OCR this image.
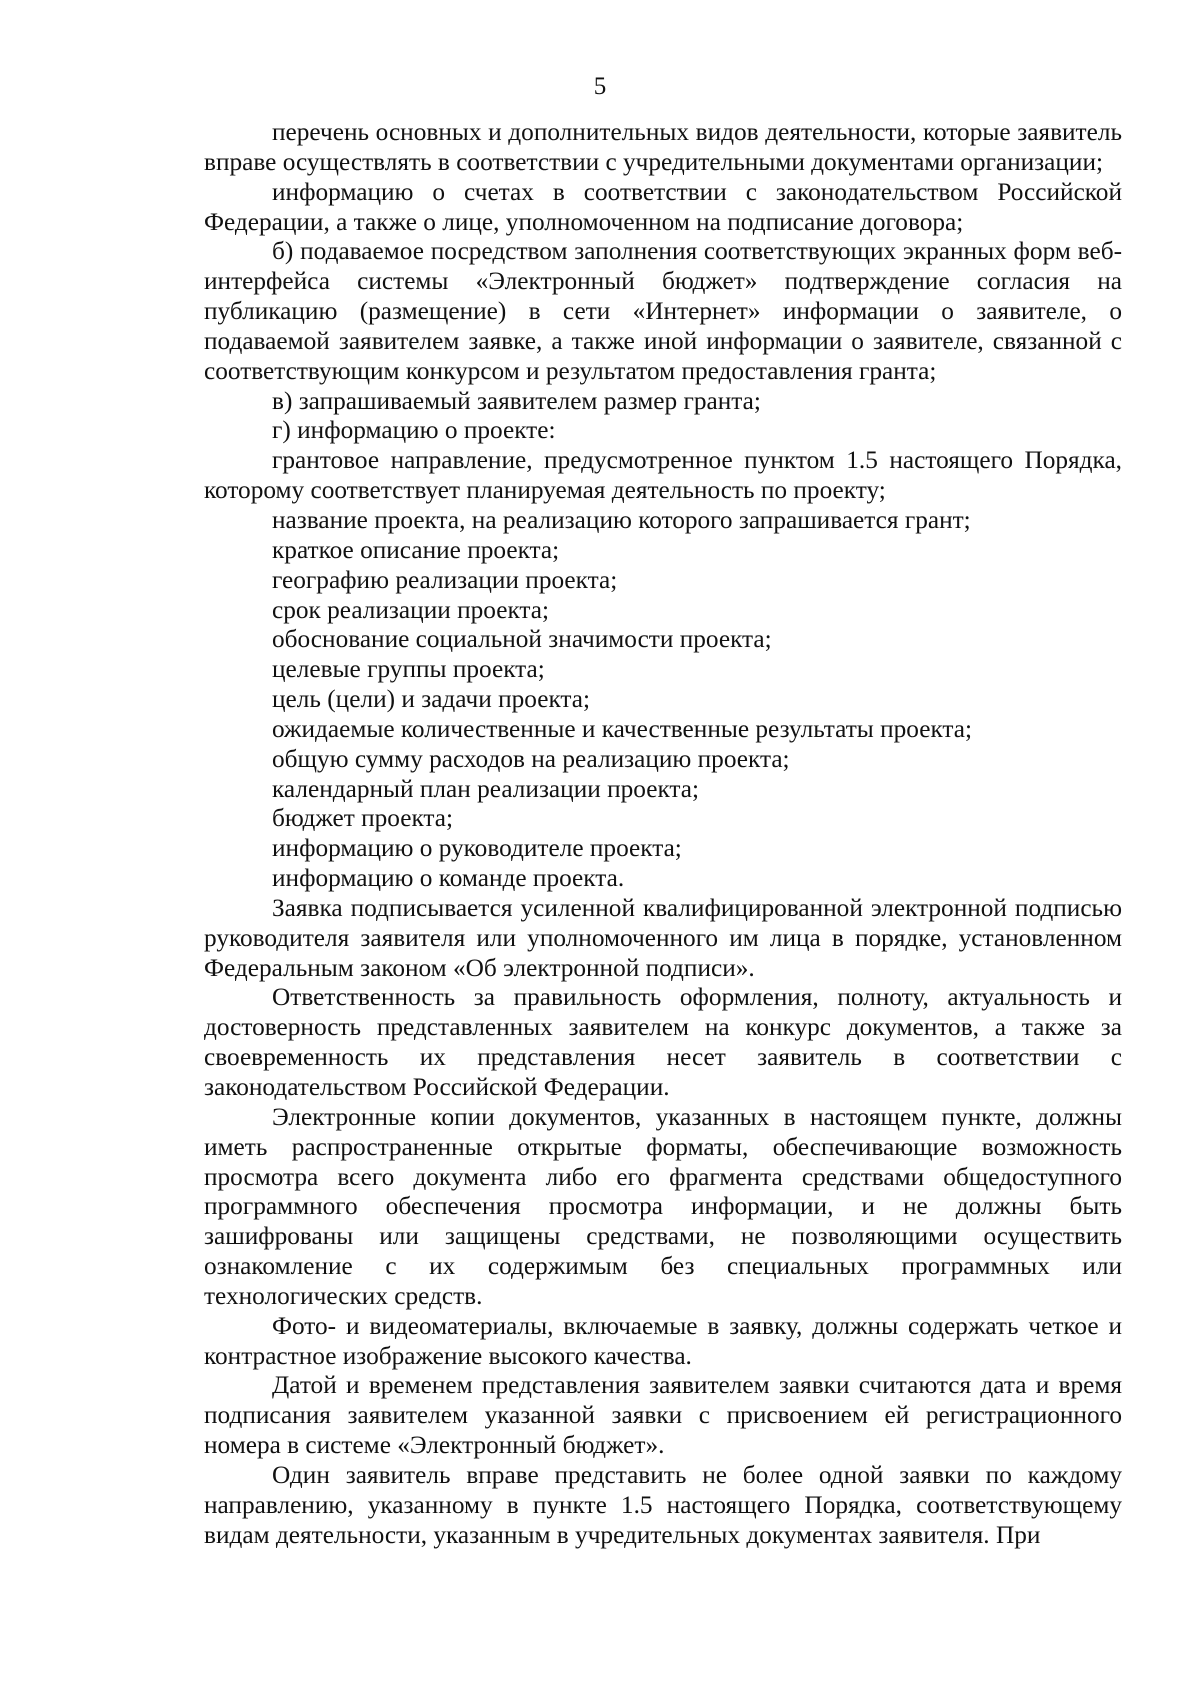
5

перечень основных и дополнительных видов деятельности, которые заявитель вправе осуществлять в соответствии с учредительными документами организации;

информацию о счетах в соответствии с законодательством Российской Федерации, а также о лице, уполномоченном на подписание договора;

б) подаваемое посредством заполнения соответствующих экранных форм веб-интерфейса системы «Электронный бюджет» подтверждение согласия на публикацию (размещение) в сети «Интернет» информации о заявителе, о подаваемой заявителем заявке, а также иной информации о заявителе, связанной с соответствующим конкурсом и результатом предоставления гранта;

в) запрашиваемый заявителем размер гранта;

г) информацию о проекте:

грантовое направление, предусмотренное пунктом 1.5 настоящего Порядка, которому соответствует планируемая деятельность по проекту;

название проекта, на реализацию которого запрашивается грант;

краткое описание проекта;

географию реализации проекта;

срок реализации проекта;

обоснование социальной значимости проекта;

целевые группы проекта;

цель (цели) и задачи проекта;

ожидаемые количественные и качественные результаты проекта;

общую сумму расходов на реализацию проекта;

календарный план реализации проекта;

бюджет проекта;

информацию о руководителе проекта;

информацию о команде проекта.

Заявка подписывается усиленной квалифицированной электронной подписью руководителя заявителя или уполномоченного им лица в порядке, установленном Федеральным законом «Об электронной подписи».

Ответственность за правильность оформления, полноту, актуальность и достоверность представленных заявителем на конкурс документов, а также за своевременность их представления несет заявитель в соответствии с законодательством Российской Федерации.

Электронные копии документов, указанных в настоящем пункте, должны иметь распространенные открытые форматы, обеспечивающие возможность просмотра всего документа либо его фрагмента средствами общедоступного программного обеспечения просмотра информации, и не должны быть зашифрованы или защищены средствами, не позволяющими осуществить ознакомление с их содержимым без специальных программных или технологических средств.

Фото- и видеоматериалы, включаемые в заявку, должны содержать четкое и контрастное изображение высокого качества.

Датой и временем представления заявителем заявки считаются дата и время подписания заявителем указанной заявки с присвоением ей регистрационного номера в системе «Электронный бюджет».

Один заявитель вправе представить не более одной заявки по каждому направлению, указанному в пункте 1.5 настоящего Порядка, соответствующему видам деятельности, указанным в учредительных документах заявителя. При
